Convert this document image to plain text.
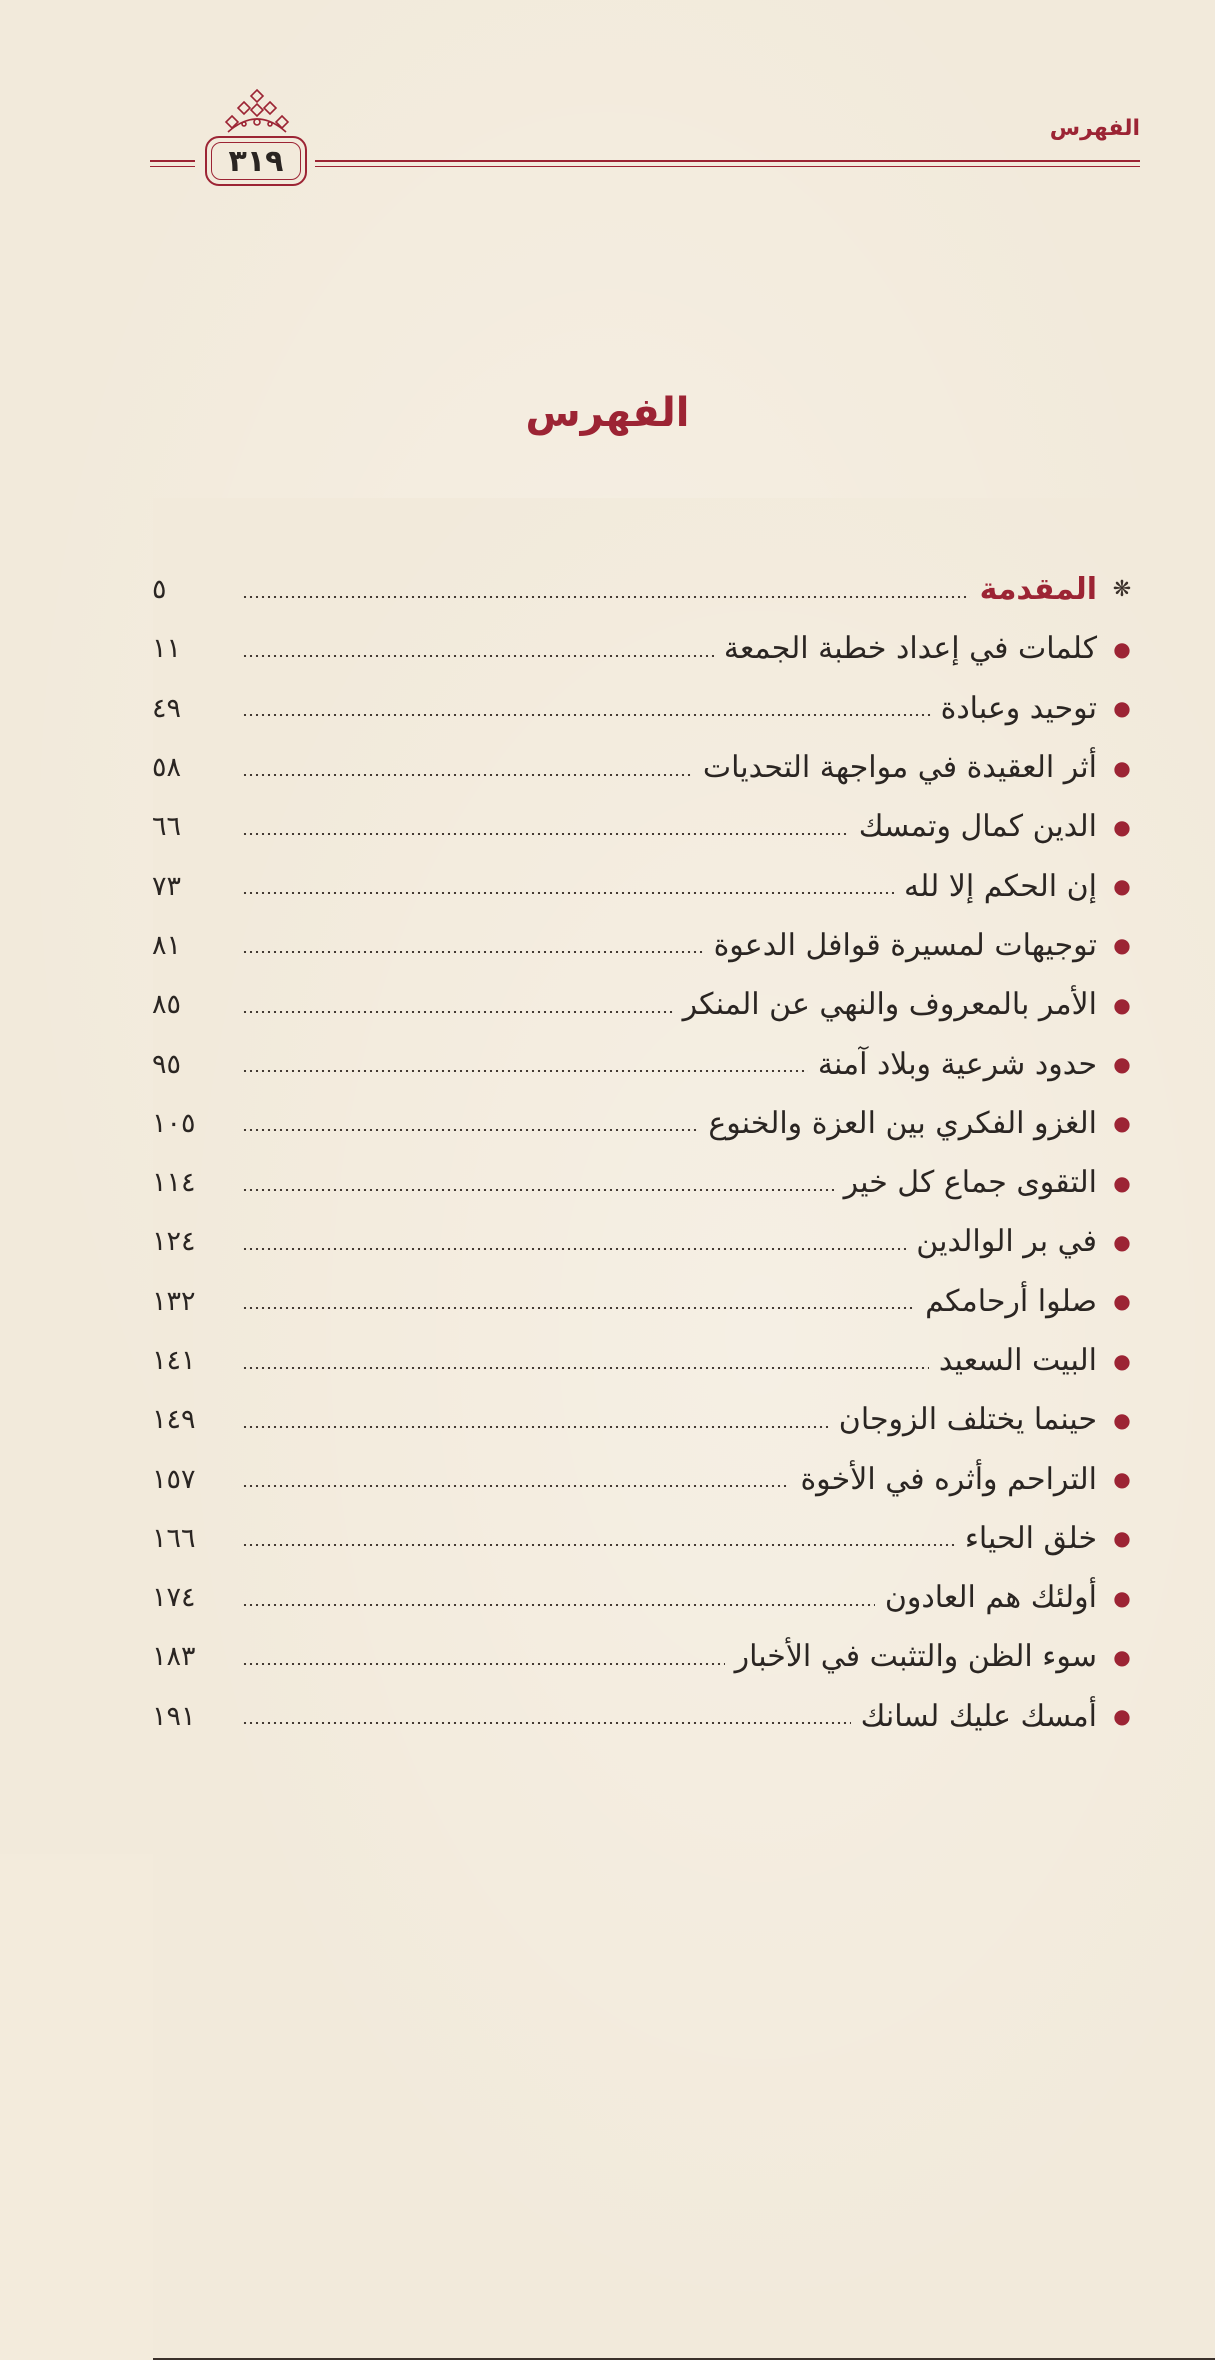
الفهرس
٣١٩
الفهرس
❋
المقدمة
٥
●
كلمات في إعداد خطبة الجمعة
١١
●
توحيد وعبادة
٤٩
●
أثر العقيدة في مواجهة التحديات
٥٨
●
الدين كمال وتمسك
٦٦
●
إن الحكم إلا لله
٧٣
●
توجيهات لمسيرة قوافل الدعوة
٨١
●
الأمر بالمعروف والنهي عن المنكر
٨٥
●
حدود شرعية وبلاد آمنة
٩٥
●
الغزو الفكري بين العزة والخنوع
١٠٥
●
التقوى جماع كل خير
١١٤
●
في بر الوالدين
١٢٤
●
صلوا أرحامكم
١٣٢
●
البيت السعيد
١٤١
●
حينما يختلف الزوجان
١٤٩
●
التراحم وأثره في الأخوة
١٥٧
●
خلق الحياء
١٦٦
●
أولئك هم العادون
١٧٤
●
سوء الظن والتثبت في الأخبار
١٨٣
●
أمسك عليك لسانك
١٩١
